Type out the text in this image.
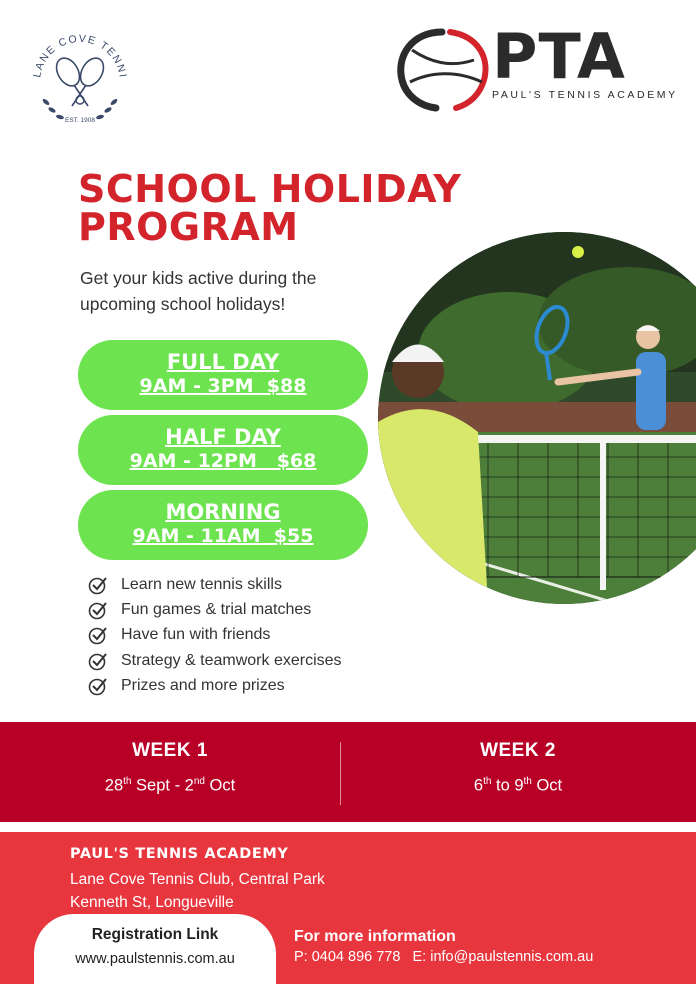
LANE COVE TENNI
EST. 1908
PTA
PAUL'S TENNIS ACADEMY
SCHOOL HOLIDAY
PROGRAM
Get your kids active during the upcoming school holidays!
FULL DAY
9AM - 3PM  $88
HALF DAY
9AM - 12PM   $68
MORNING
9AM - 11AM  $55
Learn new tennis skills
Fun games & trial matches
Have fun with friends
Strategy & teamwork exercises
Prizes and more prizes
WEEK 1
28th Sept - 2nd Oct
WEEK 2
6th to 9th Oct
PAUL'S TENNIS ACADEMY
Lane Cove Tennis Club, Central Park
Kenneth St, Longueville
Registration Link
www.paulstennis.com.au
For more information
P: 0404 896 778   E: info@paulstennis.com.au
